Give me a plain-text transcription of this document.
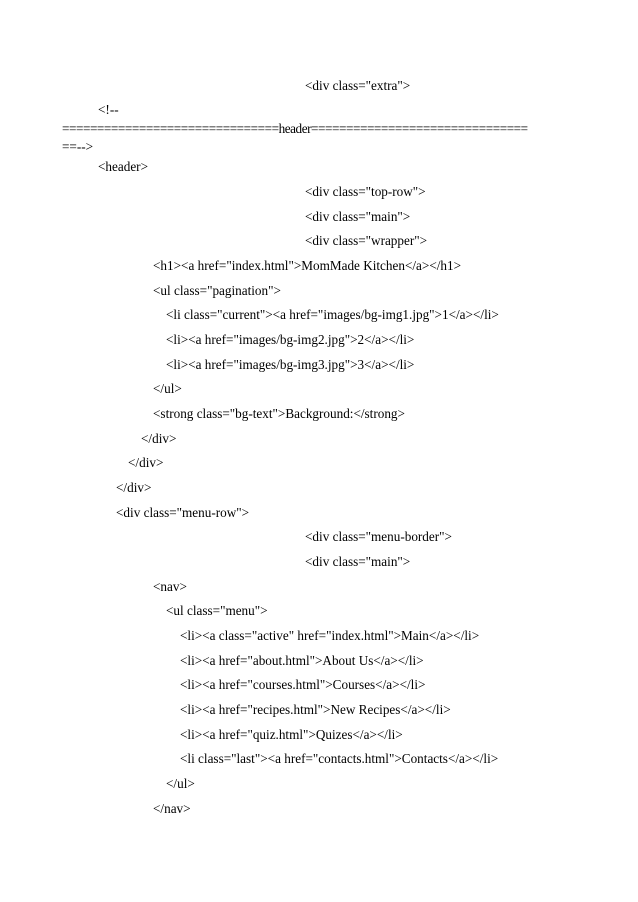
<div class="extra">
<!--
===============================header===============================
==-->
<header>
<div class="top-row">
<div class="main">
<div class="wrapper">
<h1><a href="index.html">MomMade Kitchen</a></h1>
<ul class="pagination">
<li class="current"><a href="images/bg-img1.jpg">1</a></li>
<li><a href="images/bg-img2.jpg">2</a></li>
<li><a href="images/bg-img3.jpg">3</a></li>
</ul>
<strong class="bg-text">Background:</strong>
</div>
</div>
</div>
<div class="menu-row">
<div class="menu-border">
<div class="main">
<nav>
<ul class="menu">
<li><a class="active" href="index.html">Main</a></li>
<li><a href="about.html">About Us</a></li>
<li><a href="courses.html">Courses</a></li>
<li><a href="recipes.html">New Recipes</a></li>
<li><a href="quiz.html">Quizes</a></li>
<li class="last"><a href="contacts.html">Contacts</a></li>
</ul>
</nav>
